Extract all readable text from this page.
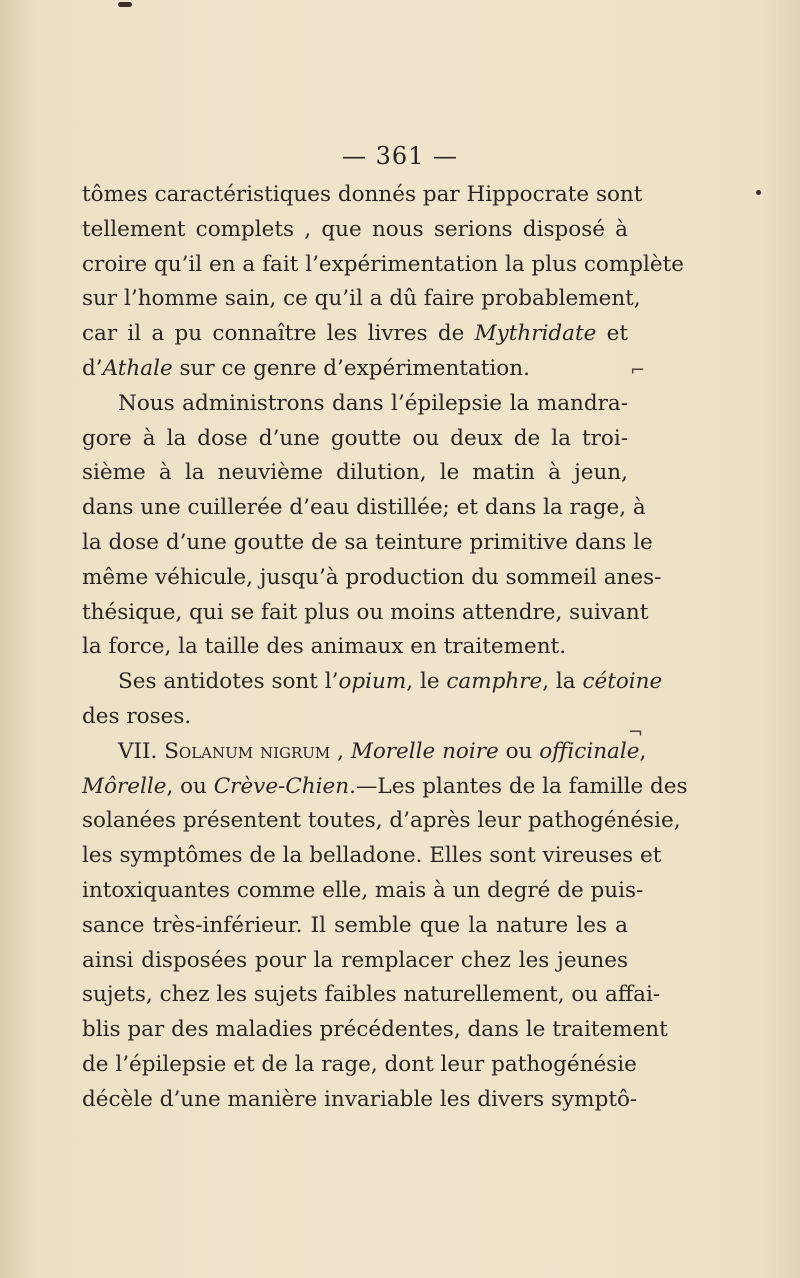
— 361 —
tômes caractéristiques donnés par Hippocrate sont
tellement complets , que nous serions disposé à
croire qu’il en a fait l’expérimentation la plus complète
sur l’homme sain, ce qu’il a dû faire probablement,
car il a pu connaître les livres de Mythridate et
d’Athale sur ce genre d’expérimentation.
Nous administrons dans l’épilepsie la mandra-
gore à la dose d’une goutte ou deux de la troi-
sième à la neuvième dilution, le matin à jeun,
dans une cuillerée d’eau distillée; et dans la rage, à
la dose d’une goutte de sa teinture primitive dans le
même véhicule, jusqu’à production du sommeil anes-
thésique, qui se fait plus ou moins attendre, suivant
la force, la taille des animaux en traitement.
Ses antidotes sont l’opium, le camphre, la cétoine
des roses.
VII. Solanum nigrum , Morelle noire ou officinale,
Môrelle, ou Crève-Chien.—Les plantes de la famille des
solanées présentent toutes, d’après leur pathogénésie,
les symptômes de la belladone. Elles sont vireuses et
intoxiquantes comme elle, mais à un degré de puis-
sance très-inférieur. Il semble que la nature les a
ainsi disposées pour la remplacer chez les jeunes
sujets, chez les sujets faibles naturellement, ou affai-
blis par des maladies précédentes, dans le traitement
de l’épilepsie et de la rage, dont leur pathogénésie
décèle d’une manière invariable les divers symptô-
⌐
¬
